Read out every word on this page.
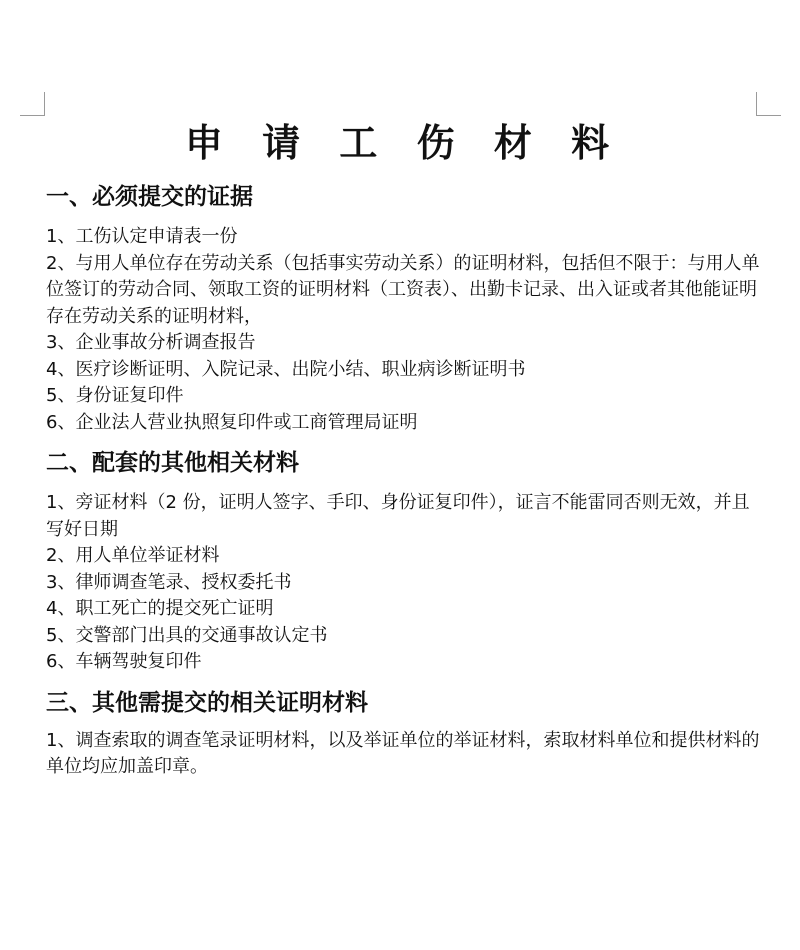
申 请 工 伤 材 料
一、必须提交的证据
1、工伤认定申请表一份
2、与用人单位存在劳动关系（包括事实劳动关系）的证明材料，包括但不限于：与用人单位签订的劳动合同、领取工资的证明材料（工资表）、出勤卡记录、出入证或者其他能证明存在劳动关系的证明材料，
3、企业事故分析调查报告
4、医疗诊断证明、入院记录、出院小结、职业病诊断证明书
5、身份证复印件
6、企业法人营业执照复印件或工商管理局证明
二、配套的其他相关材料
1、旁证材料（2 份，证明人签字、手印、身份证复印件），证言不能雷同否则无效，并且写好日期
2、用人单位举证材料
3、律师调查笔录、授权委托书
4、职工死亡的提交死亡证明
5、交警部门出具的交通事故认定书
6、车辆驾驶复印件
三、其他需提交的相关证明材料
1、调查索取的调查笔录证明材料，以及举证单位的举证材料，索取材料单位和提供材料的单位均应加盖印章。
